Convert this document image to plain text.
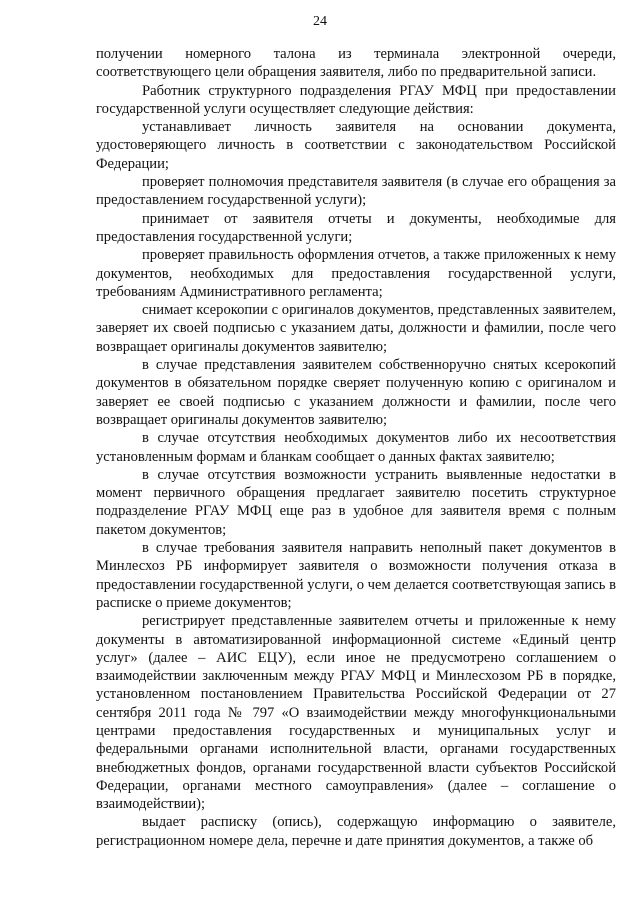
24

получении номерного талона из терминала электронной очереди, соответствующего цели обращения заявителя, либо по предварительной записи.

Работник структурного подразделения РГАУ МФЦ при предоставлении государственной услуги осуществляет следующие действия:

устанавливает личность заявителя на основании документа, удостоверяющего личность в соответствии с законодательством Российской Федерации;

проверяет полномочия представителя заявителя (в случае его обращения за предоставлением государственной услуги);

принимает от заявителя отчеты и документы, необходимые для предоставления государственной услуги;

проверяет правильность оформления отчетов, а также приложенных к нему документов, необходимых для предоставления государственной услуги, требованиям Административного регламента;

снимает ксерокопии с оригиналов документов, представленных заявителем, заверяет их своей подписью с указанием даты, должности и фамилии, после чего возвращает оригиналы документов заявителю;

в случае представления заявителем собственноручно снятых ксерокопий документов в обязательном порядке сверяет полученную копию с оригиналом и заверяет ее своей подписью с указанием должности и фамилии, после чего возвращает оригиналы документов заявителю;

в случае отсутствия необходимых документов либо их несоответствия установленным формам и бланкам сообщает о данных фактах заявителю;

в случае отсутствия возможности устранить выявленные недостатки в момент первичного обращения предлагает заявителю посетить структурное подразделение РГАУ МФЦ еще раз в удобное для заявителя время с полным пакетом документов;

в случае требования заявителя направить неполный пакет документов в Минлесхоз РБ информирует заявителя о возможности получения отказа в предоставлении государственной услуги, о чем делается соответствующая запись в расписке о приеме документов;

регистрирует представленные заявителем отчеты и приложенные к нему документы в автоматизированной информационной системе «Единый центр услуг» (далее – АИС ЕЦУ), если иное не предусмотрено соглашением о взаимодействии заключенным между РГАУ МФЦ и Минлесхозом РБ в порядке, установленном постановлением Правительства Российской Федерации от 27 сентября 2011 года № 797 «О взаимодействии между многофункциональными центрами предоставления государственных и муниципальных услуг и федеральными органами исполнительной власти, органами государственных внебюджетных фондов, органами государственной власти субъектов Российской Федерации, органами местного самоуправления» (далее – соглашение о взаимодействии);

выдает расписку (опись), содержащую информацию о заявителе, регистрационном номере дела, перечне и дате принятия документов, а также об
